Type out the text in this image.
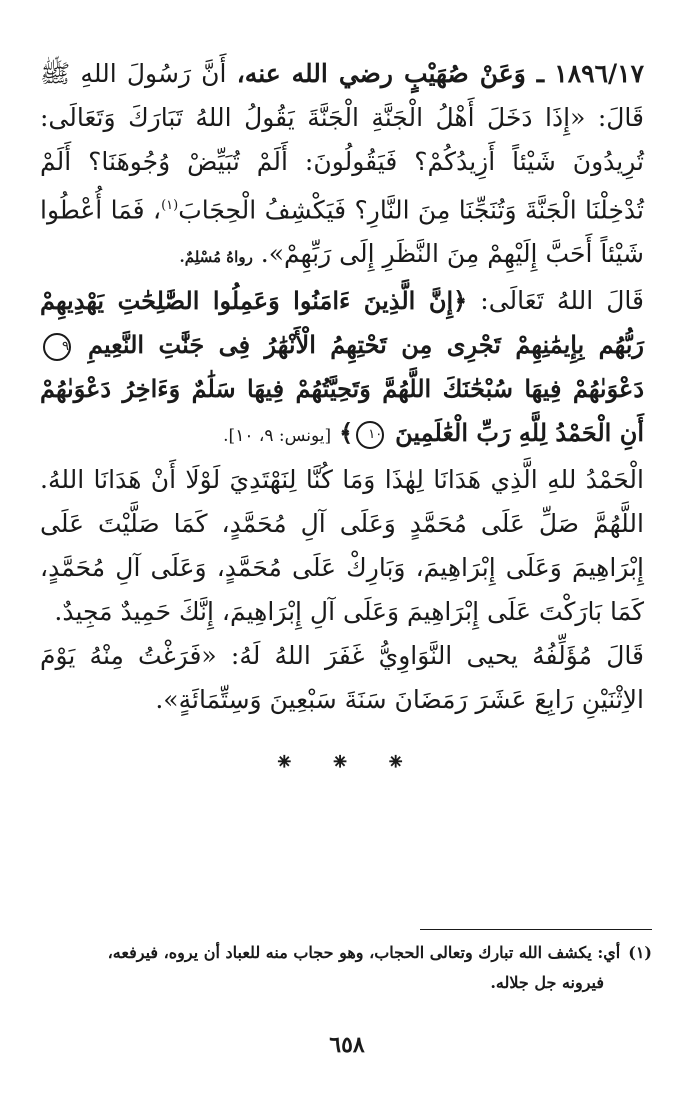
١٨٩٦/١٧ ـ وَعَنْ صُهَيْبٍ رضي الله عنه، أَنَّ رَسُولَ اللهِ ﷺ قَالَ: «إِذَا دَخَلَ أَهْلُ الْجَنَّةِ الْجَنَّةَ يَقُولُ اللهُ تَبَارَكَ وَتَعَالَى: تُرِيدُونَ شَيْئاً أَزِيدُكُمْ؟ فَيَقُولُونَ: أَلَمْ تُبَيِّضْ وُجُوهَنَا؟ أَلَمْ تُدْخِلْنَا الْجَنَّةَ وَتُنَجِّنَا مِنَ النَّارِ؟ فَيَكْشِفُ الْحِجَابَ$^{(١)}$، فَمَا أُعْطُوا شَيْئاً أَحَبَّ إِلَيْهِمْ مِنَ النَّظَرِ إِلَى رَبِّهِمْ». رواهُ مُسْلِمٌ.

قَالَ اللهُ تَعَالَى: ﴿إِنَّ الَّذِينَ ءَامَنُوا وَعَمِلُوا الصَّٰلِحَٰتِ يَهْدِيهِمْ رَبُّهُم بِإِيمَٰنِهِمْ تَجْرِى مِن تَحْتِهِمُ الْأَنْهَٰرُ فِى جَنَّٰتِ النَّعِيمِ ٩ دَعْوَىٰهُمْ فِيهَا سُبْحَٰنَكَ اللَّهُمَّ وَتَحِيَّتُهُمْ فِيهَا سَلَٰمٌ وَءَاخِرُ دَعْوَىٰهُمْ أَنِ الْحَمْدُ لِلَّهِ رَبِّ الْعَٰلَمِينَ ١٠﴾ [يونس: ٩، ١٠].

الْحَمْدُ للهِ الَّذِي هَدَانَا لِهٰذَا وَمَا كُنَّا لِنَهْتَدِيَ لَوْلَا أَنْ هَدَانَا اللهُ. اللَّهُمَّ صَلِّ عَلَى مُحَمَّدٍ وَعَلَى آلِ مُحَمَّدٍ، كَمَا صَلَّيْتَ عَلَى إِبْرَاهِيمَ وَعَلَى إِبْرَاهِيمَ، وَبَارِكْ عَلَى مُحَمَّدٍ، وَعَلَى آلِ مُحَمَّدٍ، كَمَا بَارَكْتَ عَلَى إِبْرَاهِيمَ وَعَلَى آلِ إِبْرَاهِيمَ، إِنَّكَ حَمِيدٌ مَجِيدٌ.

قَالَ مُؤَلِّفُهُ يحيى النَّوَاوِيُّ غَفَرَ اللهُ لَهُ: «فَرَغْتُ مِنْهُ يَوْمَ الاِثْنَيْنِ رَابِعَ عَشَرَ رَمَضَانَ سَنَةَ سَبْعِينَ وَسِتِّمَائَةٍ».

⁕ ⁕ ⁕
(١)أي: يكشف الله تبارك وتعالى الحجاب، وهو حجاب منه للعباد أن يروه، فيرفعه،
فيرونه جل جلاله.
٦٥٨
